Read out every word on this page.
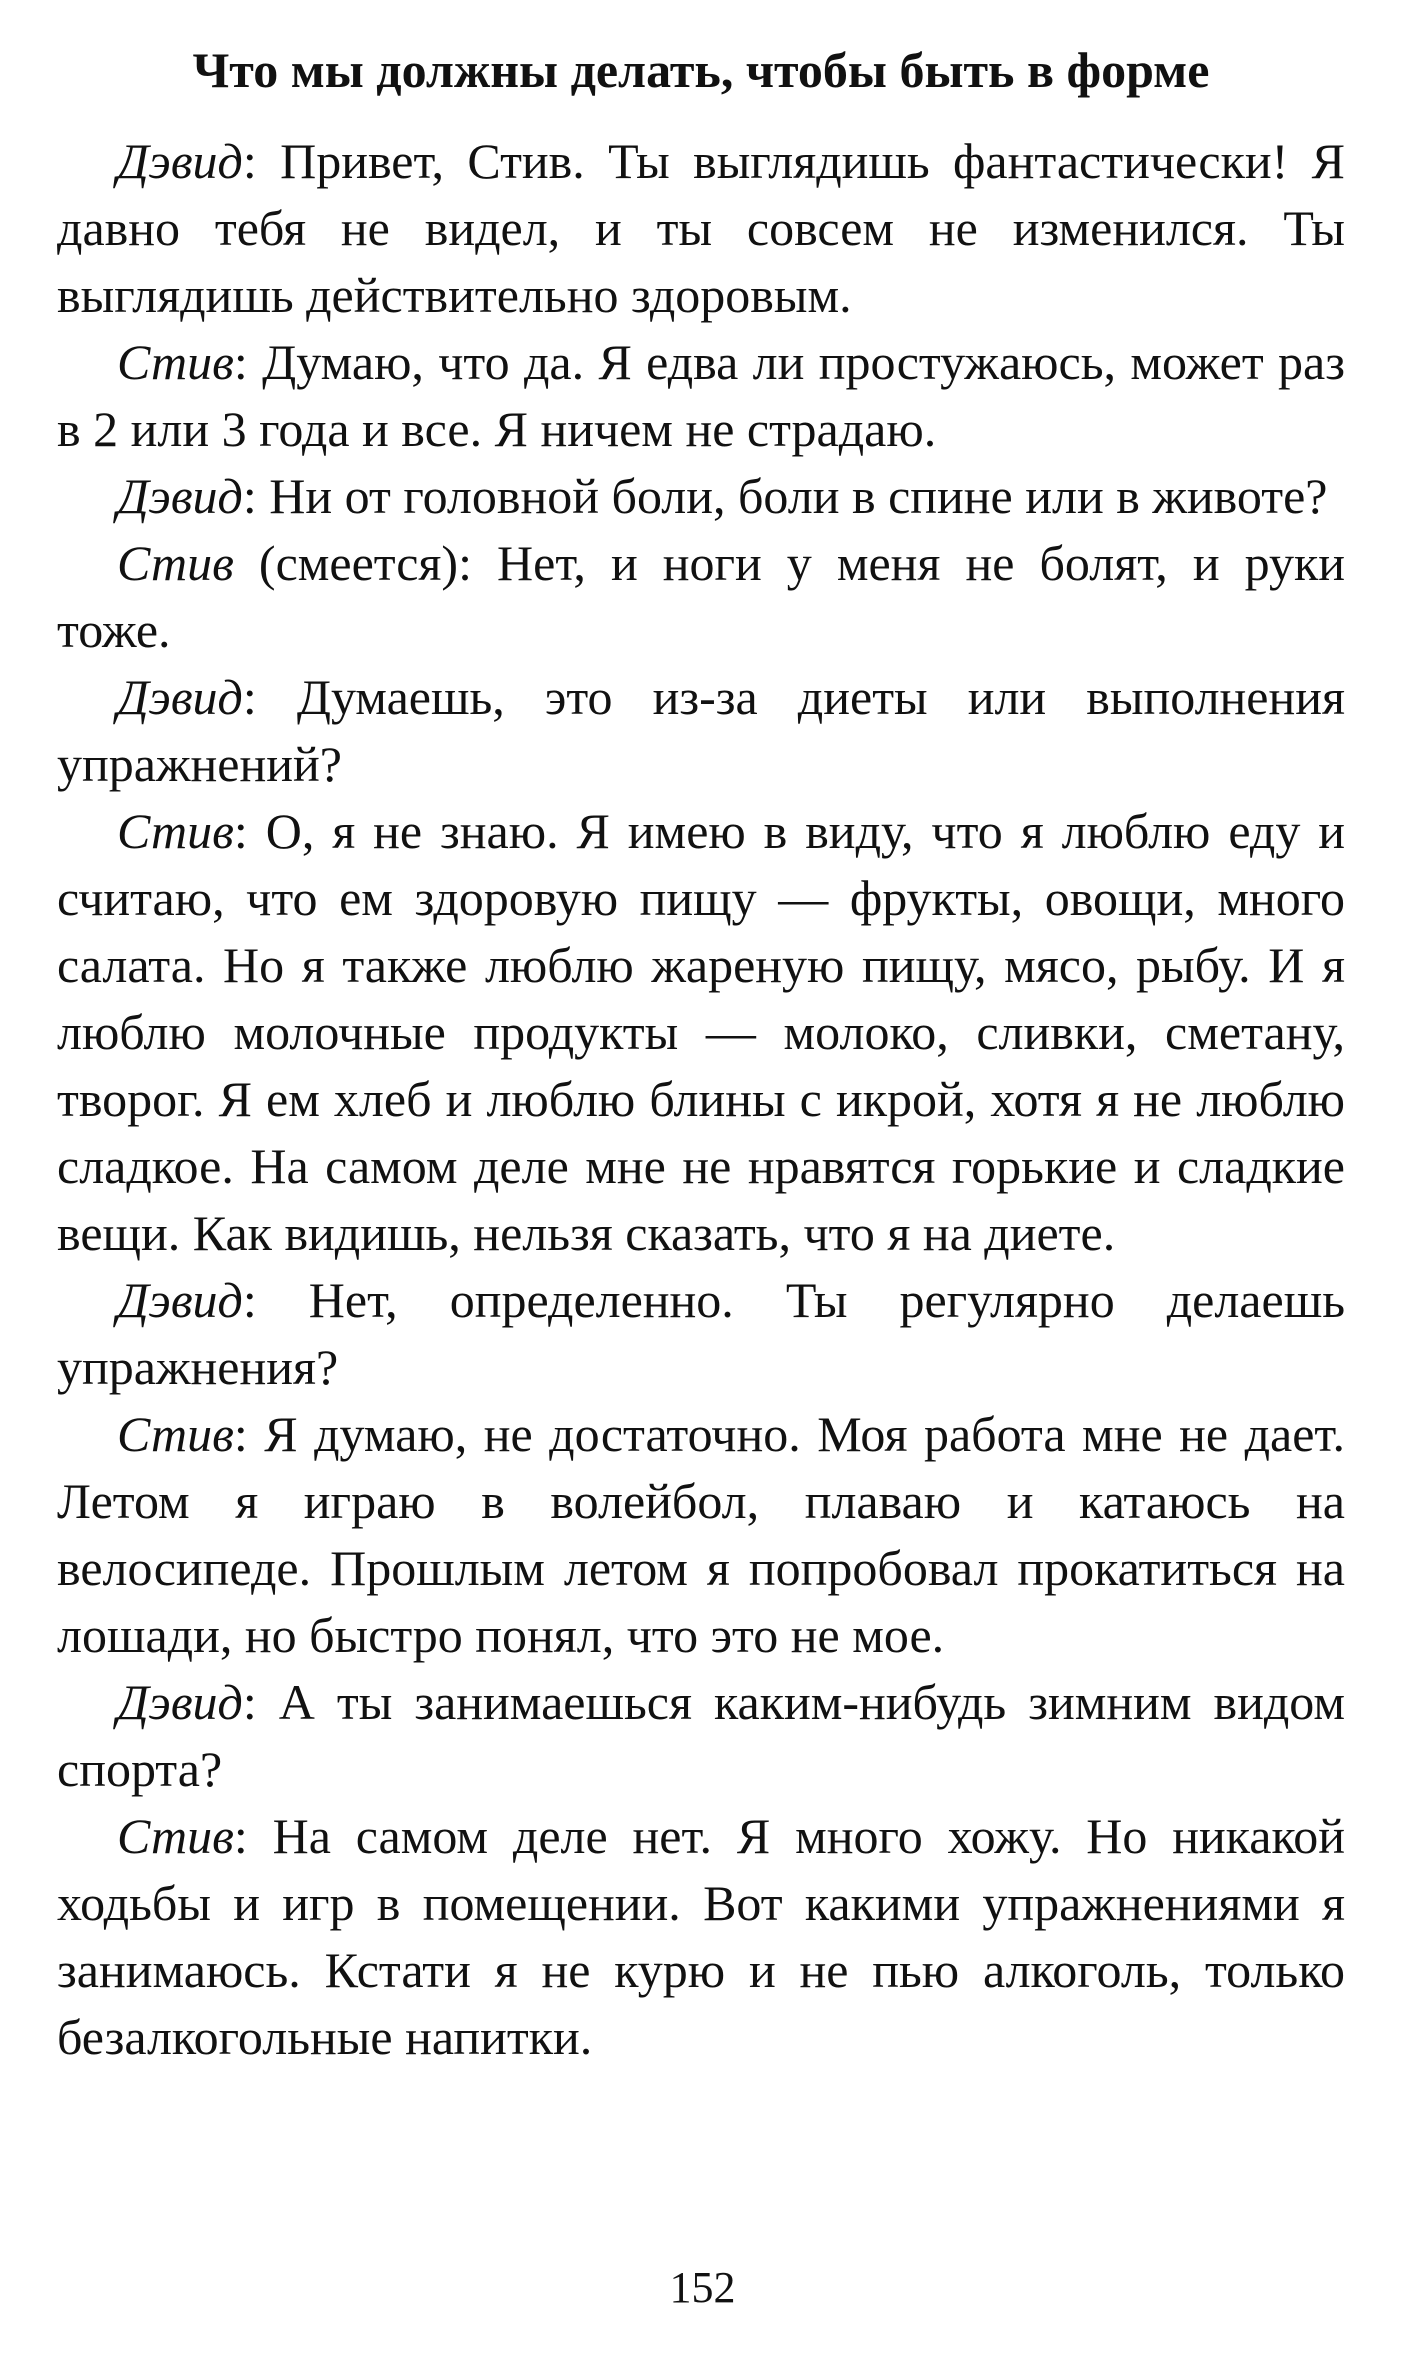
Что мы должны делать, чтобы быть в форме

Дэвид: Привет, Стив. Ты выглядишь фантастически! Я давно тебя не видел, и ты совсем не изменился. Ты выглядишь действительно здоровым.

Стив: Думаю, что да. Я едва ли простужаюсь, может раз в 2 или 3 года и все. Я ничем не страдаю.

Дэвид: Ни от головной боли, боли в спине или в животе?

Стив (смеется): Нет, и ноги у меня не болят, и руки тоже.

Дэвид: Думаешь, это из-за диеты или выполнения упражнений?

Стив: О, я не знаю. Я имею в виду, что я люблю еду и считаю, что ем здоровую пищу — фрукты, овощи, много салата. Но я также люблю жареную пищу, мясо, рыбу. И я люблю молочные продукты — молоко, сливки, сметану, творог. Я ем хлеб и люблю блины с икрой, хотя я не люблю сладкое. На самом деле мне не нравятся горькие и сладкие вещи. Как видишь, нельзя сказать, что я на диете.

Дэвид: Нет, определенно. Ты регулярно делаешь упражнения?

Стив: Я думаю, не достаточно. Моя работа мне не дает. Летом я играю в волейбол, плаваю и катаюсь на велосипеде. Прошлым летом я попробовал прокатиться на лошади, но быстро понял, что это не мое.

Дэвид: А ты занимаешься каким-нибудь зимним видом спорта?

Стив: На самом деле нет. Я много хожу. Но никакой ходьбы и игр в помещении. Вот какими упражнениями я занимаюсь. Кстати я не курю и не пью алкоголь, только безалкогольные напитки.

152
